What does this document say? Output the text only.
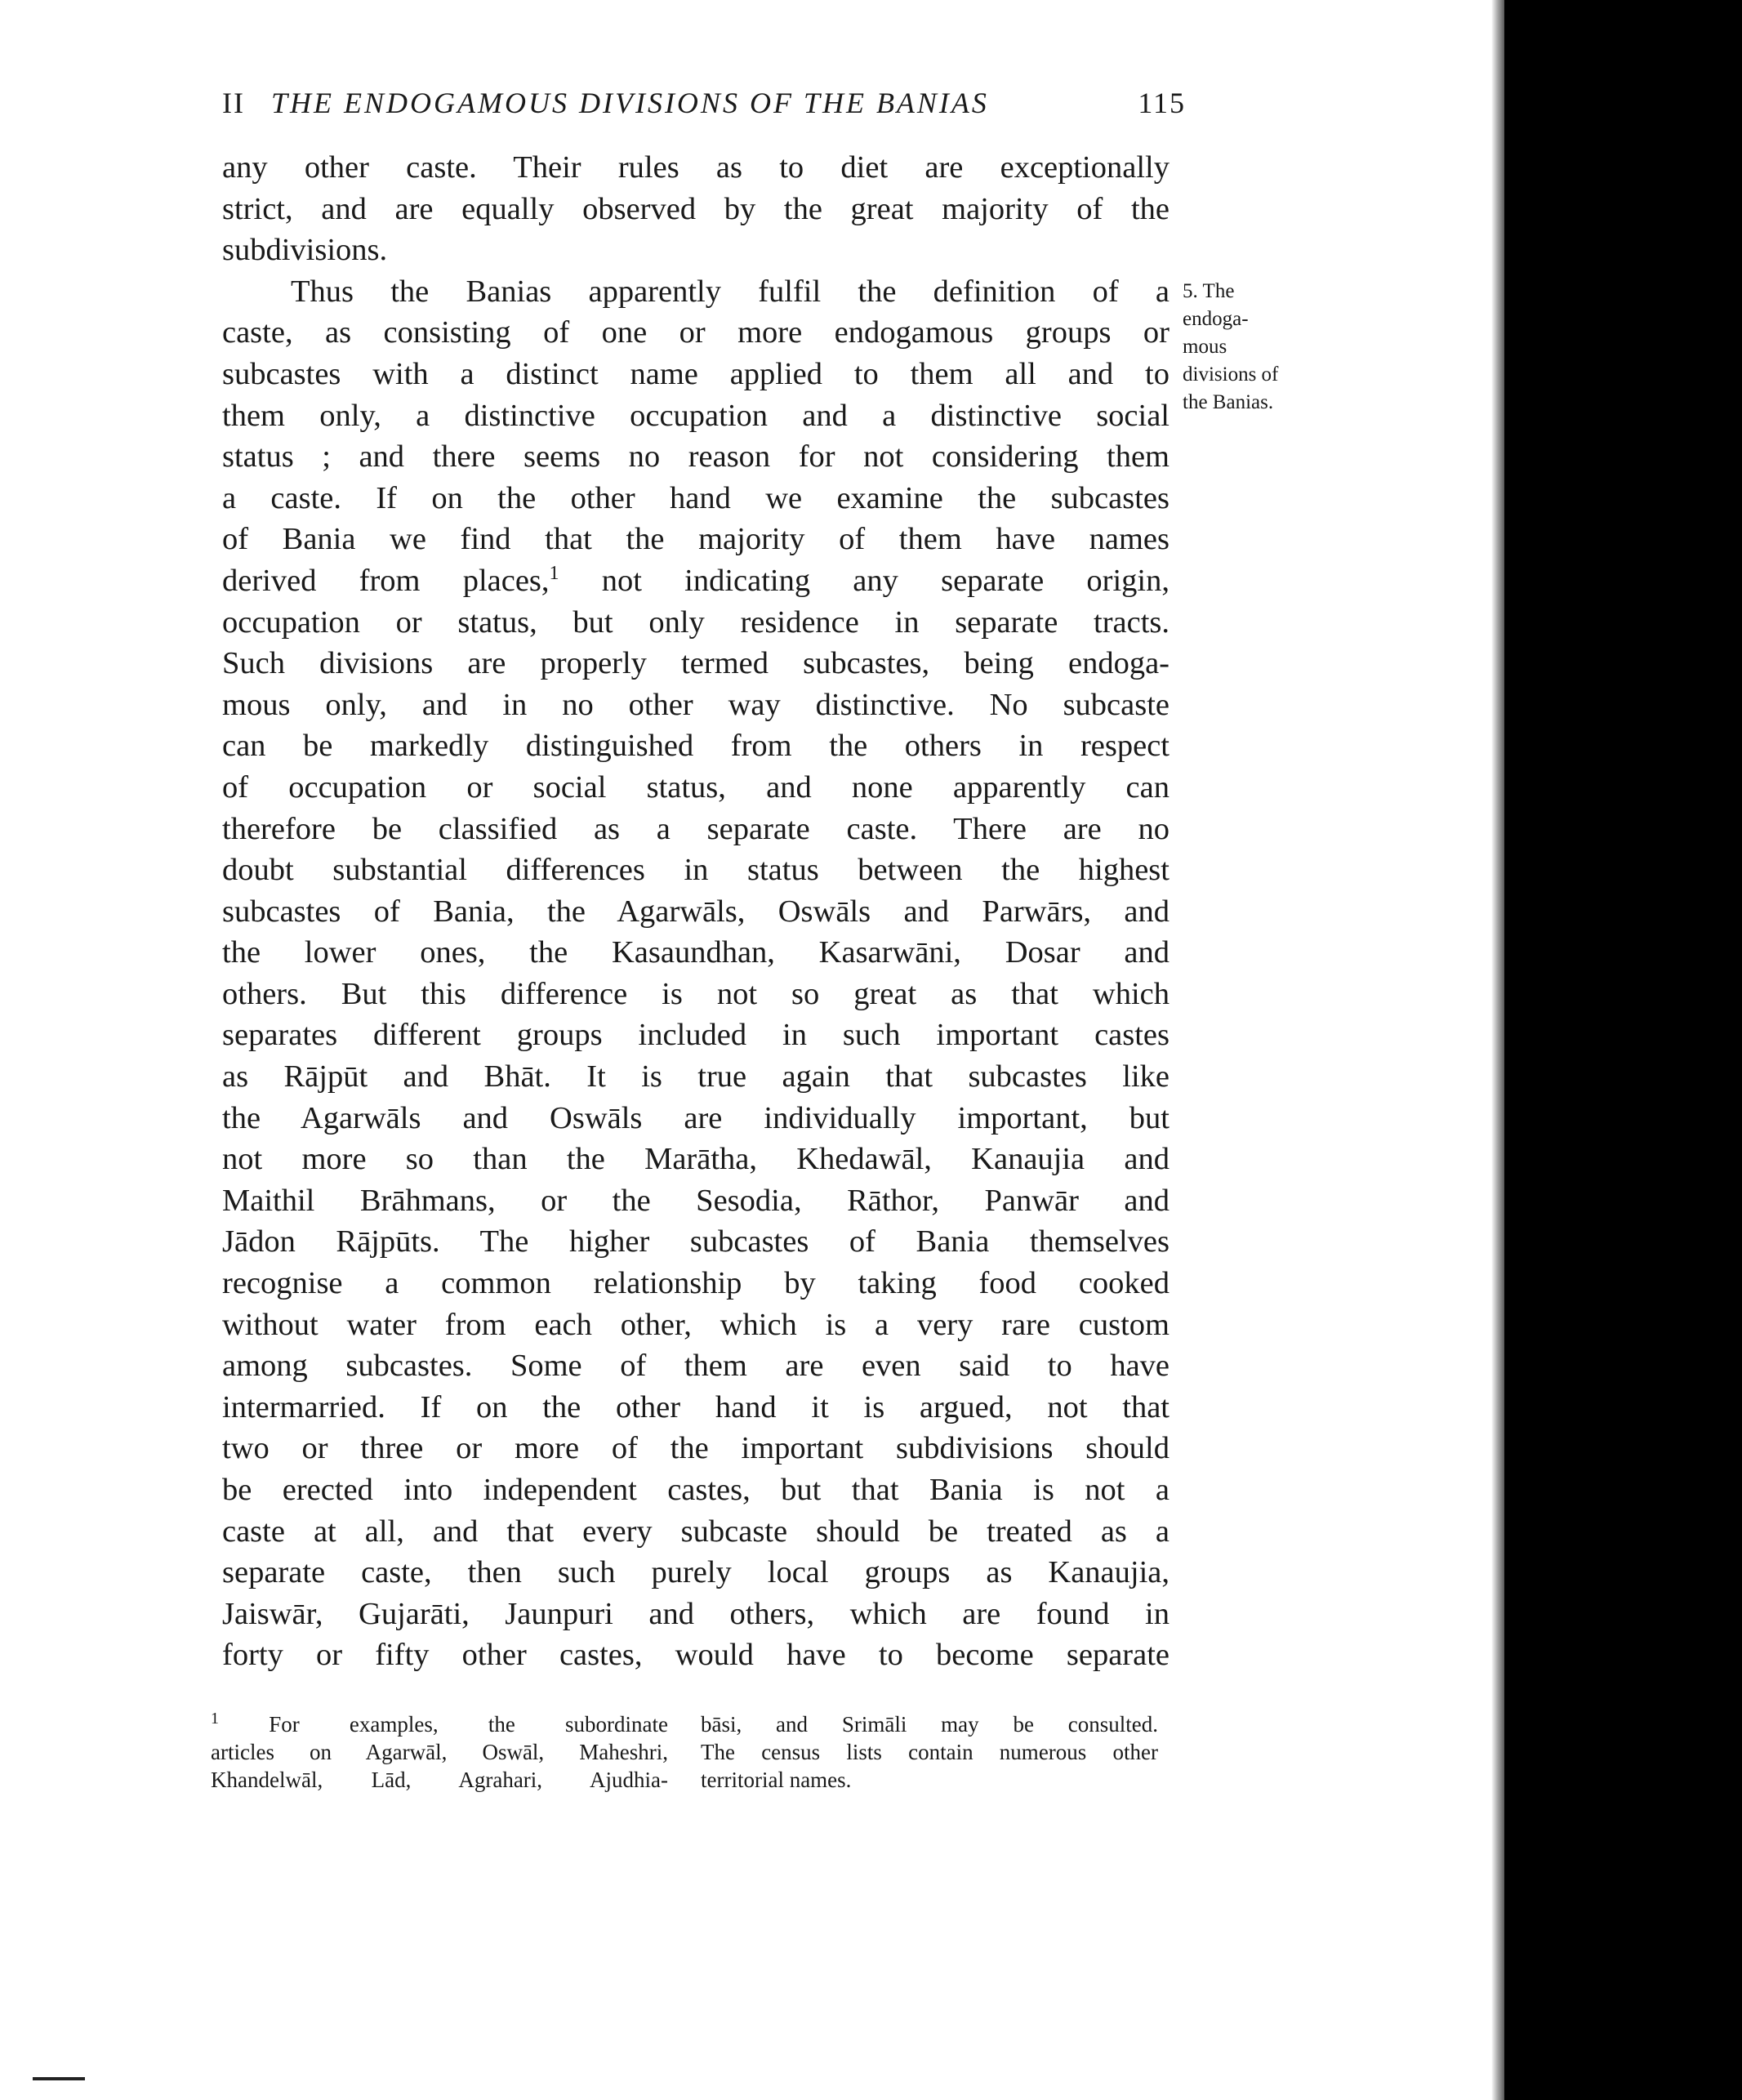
II THE ENDOGAMOUS DIVISIONS OF THE BANIAS	115
any other caste. Their rules as to diet are exceptionally
strict, and are equally observed by the great majority of the
subdivisions.
Thus the Banias apparently fulfil the definition of a
caste, as consisting of one or more endogamous groups or
subcastes with a distinct name applied to them all and to
them only, a distinctive occupation and a distinctive social
status ; and there seems no reason for not considering them
a caste. If on the other hand we examine the subcastes
of Bania we find that the majority of them have names
derived from places,$^1$ not indicating any separate origin,
occupation or status, but only residence in separate tracts.
Such divisions are properly termed subcastes, being endoga-
mous only, and in no other way distinctive. No subcaste
can be markedly distinguished from the others in respect
of occupation or social status, and none apparently can
therefore be classified as a separate caste. There are no
doubt substantial differences in status between the highest
subcastes of Bania, the Agarwāls, Oswāls and Parwārs, and
the lower ones, the Kasaundhan, Kasarwāni, Dosar and
others. But this difference is not so great as that which
separates different groups included in such important castes
as Rājpūt and Bhāt. It is true again that subcastes like
the Agarwāls and Oswāls are individually important, but
not more so than the Marātha, Khedawāl, Kanaujia and
Maithil Brāhmans, or the Sesodia, Rāthor, Panwār and
Jādon Rājpūts. The higher subcastes of Bania themselves
recognise a common relationship by taking food cooked
without water from each other, which is a very rare custom
among subcastes. Some of them are even said to have
intermarried. If on the other hand it is argued, not that
two or three or more of the important subdivisions should
be erected into independent castes, but that Bania is not a
caste at all, and that every subcaste should be treated as a
separate caste, then such purely local groups as Kanaujia,
Jaiswār, Gujarāti, Jaunpuri and others, which are found in
forty or fifty other castes, would have to become separate
5. The
endoga-
mous
divisions of
the Banias.
$^1$ For examples, the subordinate
articles on Agarwāl, Oswāl, Maheshri,
Khandelwāl, Lād, Agrahari, Ajudhia-
bāsi, and Srimāli may be consulted.
The census lists contain numerous other
territorial names.
